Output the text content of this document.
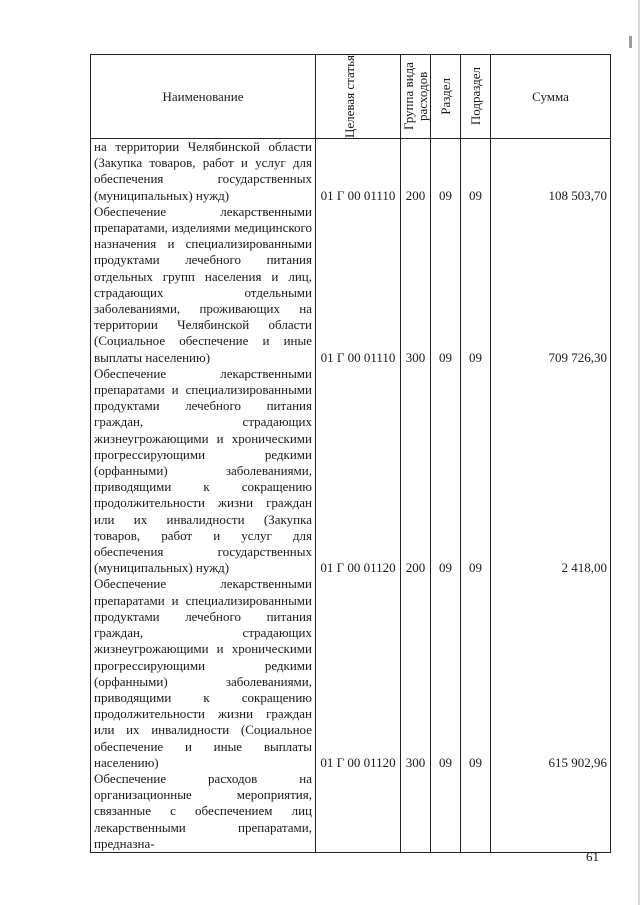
Наименование	Целевая статья	Группа вида расходов	Раздел	Подраздел	Сумма

на территории Челябинской области (Закупка товаров, работ и услуг для обеспечения государственных (муниципальных) нужд)	01 Г 00 01110	200	09	09	108 503,70

Обеспечение лекарственными препаратами, изделиями медицинского назначения и специализированными продуктами лечебного питания отдельных групп населения и лиц, страдающих отдельными заболеваниями, проживающих на территории Челябинской области (Социальное обеспечение и иные выплаты населению)	01 Г 00 01110	300	09	09	709 726,30

Обеспечение лекарственными препаратами и специализированными продуктами лечебного питания граждан, страдающих жизнеугрожающими и хроническими прогрессирующими редкими (орфанными) заболеваниями, приводящими к сокращению продолжительности жизни граждан или их инвалидности (Закупка товаров, работ и услуг для обеспечения государственных (муниципальных) нужд)	01 Г 00 01120	200	09	09	2 418,00

Обеспечение лекарственными препаратами и специализированными продуктами лечебного питания граждан, страдающих жизнеугрожающими и хроническими прогрессирующими редкими (орфанными) заболеваниями, приводящими к сокращению продолжительности жизни граждан или их инвалидности (Социальное обеспечение и иные выплаты населению)	01 Г 00 01120	300	09	09	615 902,96

Обеспечение расходов на организационные мероприятия, связанные с обеспечением лиц лекарственными препаратами, предназна-					

61
